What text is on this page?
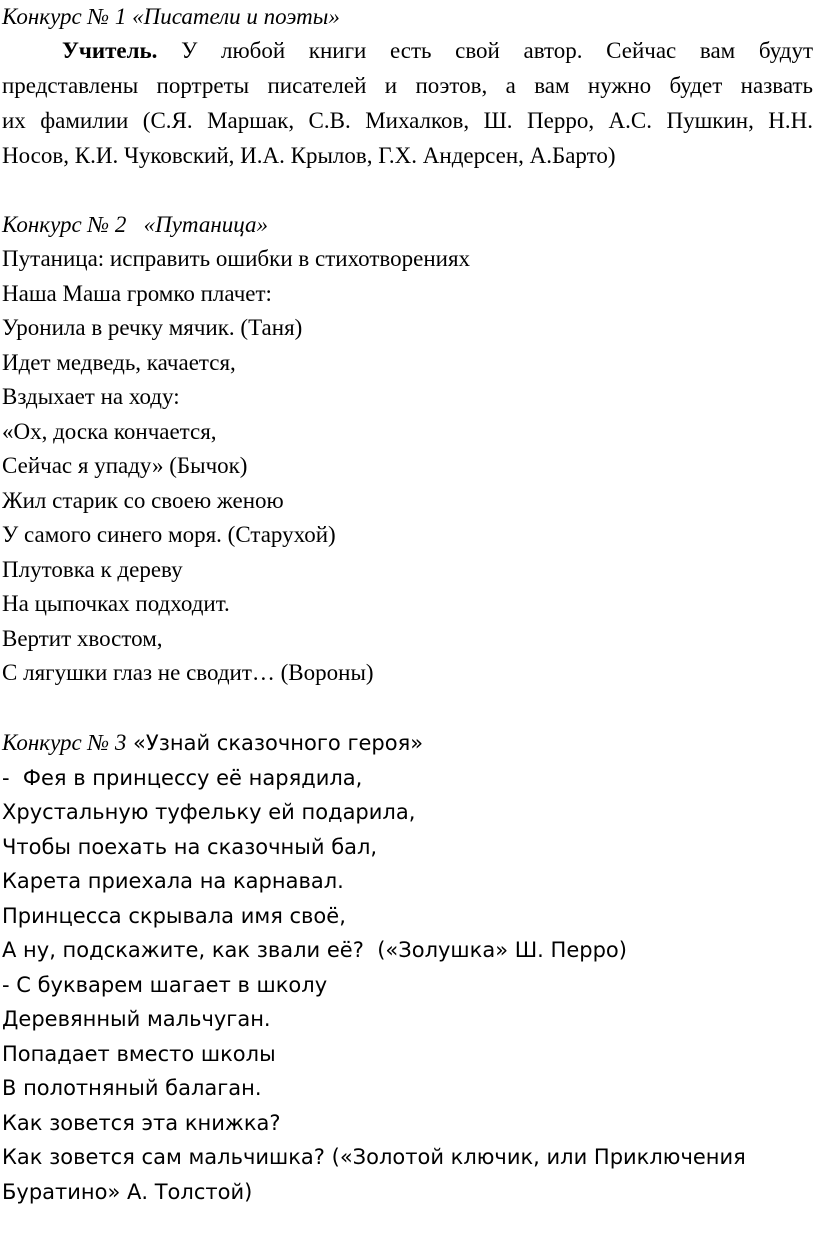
Конкурс № 1 «Писатели и поэты»
Учитель. У любой книги есть свой автор. Сейчас вам будут
представлены портреты писателей и поэтов, а вам нужно будет назвать
их фамилии (С.Я. Маршак, С.В. Михалков, Ш. Перро, А.С. Пушкин, Н.Н.
Носов, К.И. Чуковский, И.А. Крылов, Г.Х. Андерсен, А.Барто)
Конкурс № 2   «Путаница»
Путаница: исправить ошибки в стихотворениях
Наша Маша громко плачет:
Уронила в речку мячик. (Таня)
Идет медведь, качается,
Вздыхает на ходу:
«Ох, доска кончается,
Сейчас я упаду» (Бычок)
Жил старик со своею женою
У самого синего моря. (Старухой)
Плутовка к дереву
На цыпочках подходит.
Вертит хвостом,
С лягушки глаз не сводит… (Вороны)
Конкурс № 3 «Узнай сказочного героя»
-  Фея в принцессу её нарядила,
Хрустальную туфельку ей подарила,
Чтобы поехать на сказочный бал,
Карета приехала на карнавал.
Принцесса скрывала имя своё,
А ну, подскажите, как звали её?  («Золушка» Ш. Перро)
- С букварем шагает в школу
Деревянный мальчуган.
Попадает вместо школы
В полотняный балаган.
Как зовется эта книжка?
Как зовется сам мальчишка? («Золотой ключик, или Приключения
Буратино» А. Толстой)
